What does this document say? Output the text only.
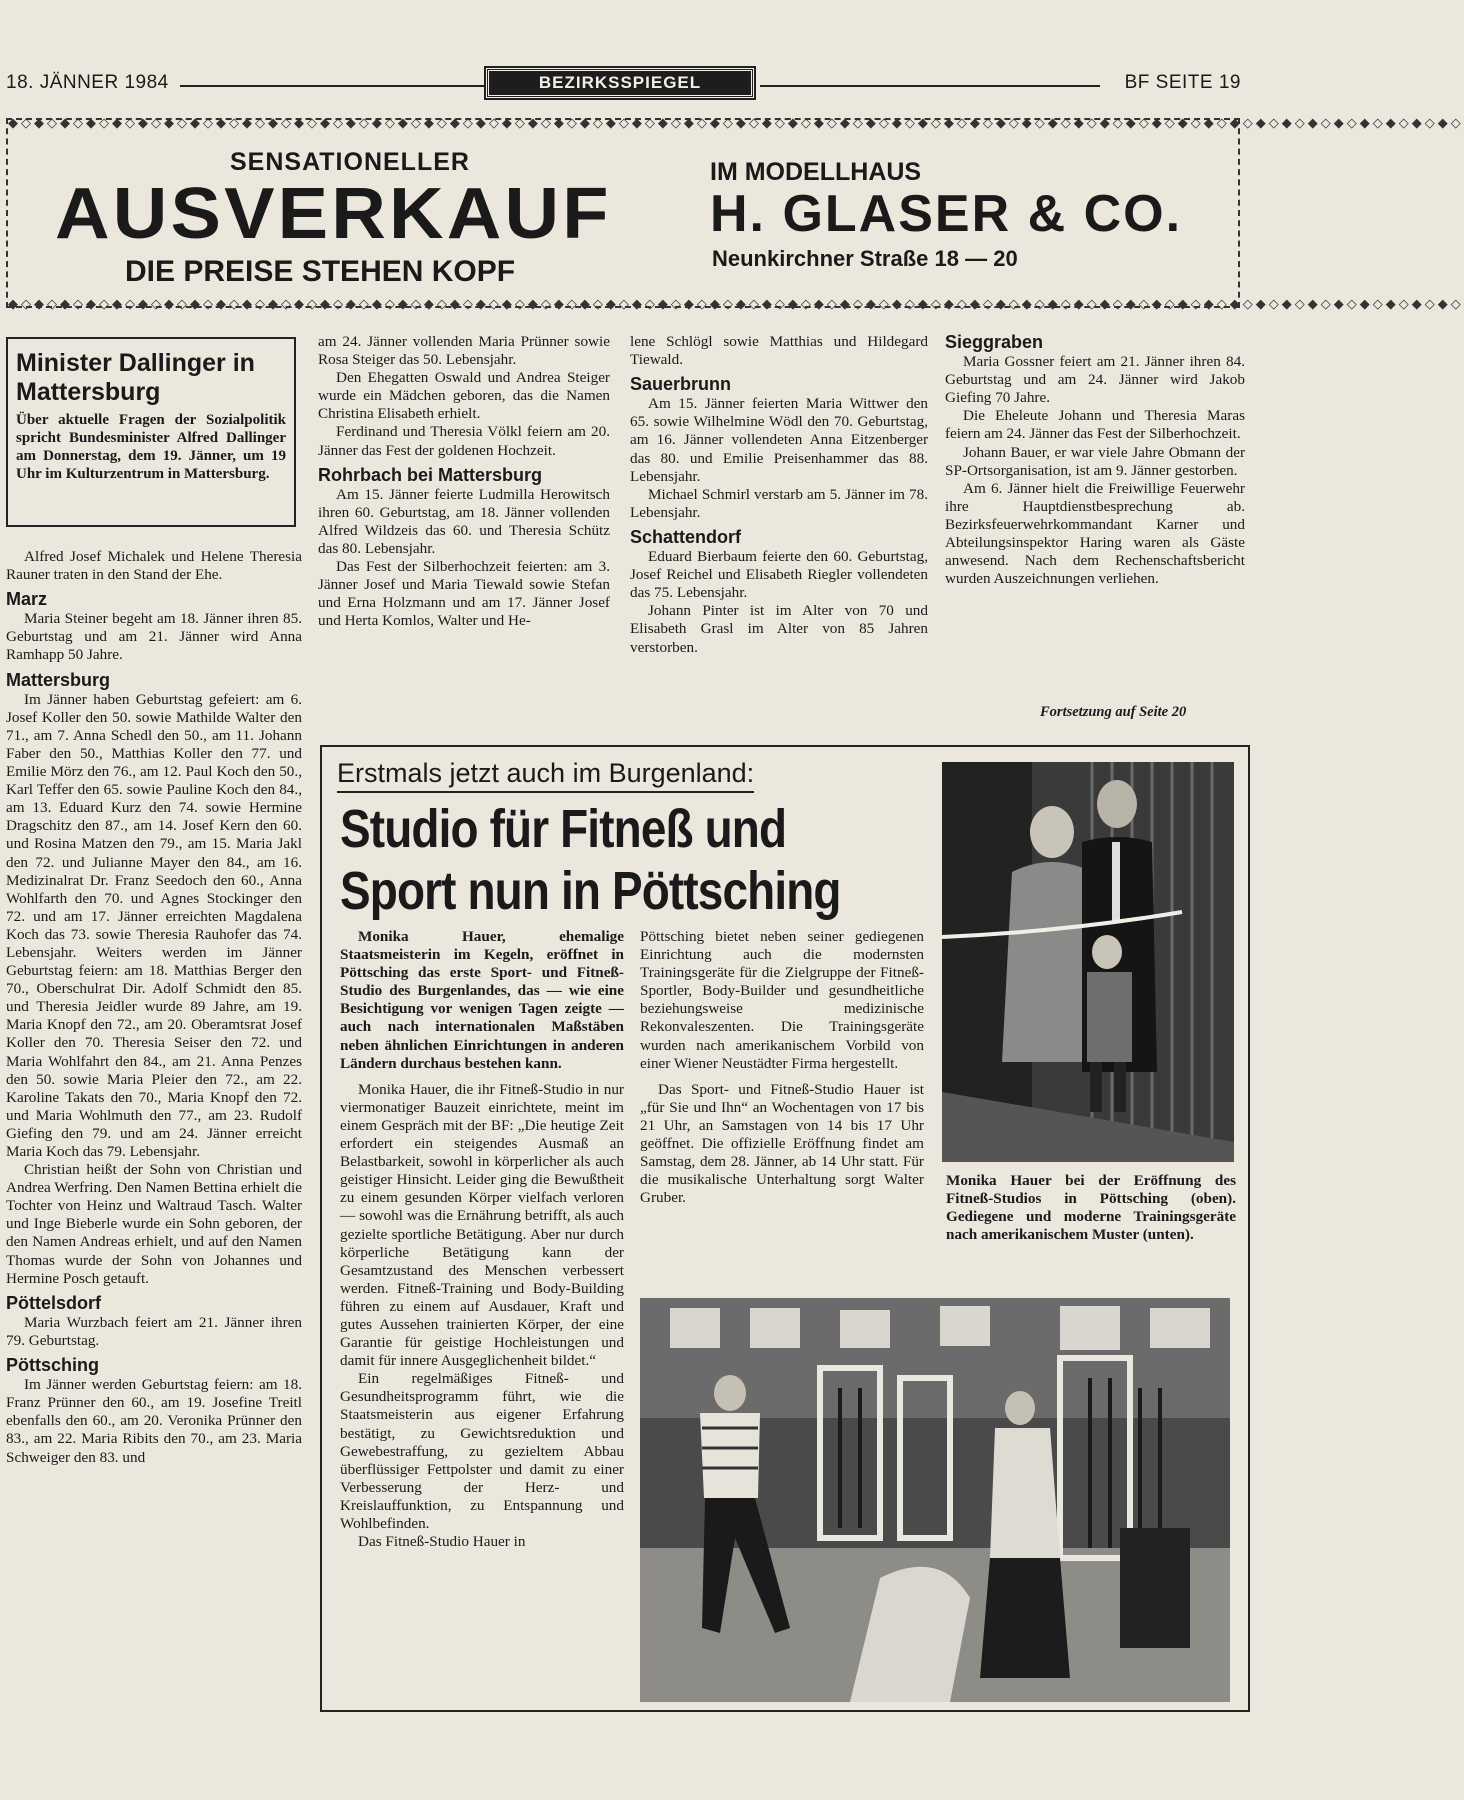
18. JÄNNER 1984	BEZIRKSSPIEGEL	BF SEITE 19
◆◇◆◇◆◇◆◇◆◇◆◇◆◇◆◇◆◇◆◇◆◇◆◇◆◇◆◇◆◇◆◇◆◇◆◇◆◇◆◇◆◇◆◇◆◇◆◇◆◇◆◇◆◇◆◇◆◇◆◇◆◇◆◇◆◇◆◇◆◇◆◇◆◇◆◇◆◇◆◇◆◇◆◇◆◇◆◇◆◇◆◇◆◇◆◇◆◇◆◇◆◇◆◇◆◇◆◇◆◇◆◇
◆◇◆◇◆◇◆◇◆◇◆◇◆◇◆◇◆◇◆◇◆◇◆◇◆◇◆◇◆◇◆◇◆◇◆◇◆◇◆◇◆◇◆◇◆◇◆◇◆◇◆◇◆◇◆◇◆◇◆◇◆◇◆◇◆◇◆◇◆◇◆◇◆◇◆◇◆◇◆◇◆◇◆◇◆◇◆◇◆◇◆◇◆◇◆◇◆◇◆◇◆◇◆◇◆◇◆◇◆◇◆◇
SENSATIONELLER
AUSVERKAUF
DIE PREISE STEHEN KOPF
IM MODELLHAUS
H. GLASER & CO.
Neunkirchner Straße 18 — 20
Minister Dallinger in Mattersburg
Über aktuelle Fragen der Sozialpolitik spricht Bundesminister Alfred Dallinger am Donnerstag, dem 19. Jänner, um 19 Uhr im Kulturzentrum in Mattersburg.

Alfred Josef Michalek und Helene Theresia Rauner traten in den Stand der Ehe.

Marz

Maria Steiner begeht am 18. Jänner ihren 85. Geburtstag und am 21. Jänner wird Anna Ramhapp 50 Jahre.

Mattersburg

Im Jänner haben Geburtstag gefeiert: am 6. Josef Koller den 50. sowie Mathilde Walter den 71., am 7. Anna Schedl den 50., am 11. Johann Faber den 50., Matthias Koller den 77. und Emilie Mörz den 76., am 12. Paul Koch den 50., Karl Teffer den 65. sowie Pauline Koch den 84., am 13. Eduard Kurz den 74. sowie Hermine Dragschitz den 87., am 14. Josef Kern den 60. und Rosina Matzen den 79., am 15. Maria Jakl den 72. und Julianne Mayer den 84., am 16. Medizinalrat Dr. Franz Seedoch den 60., Anna Wohlfarth den 70. und Agnes Stockinger den 72. und am 17. Jänner erreichten Magdalena Koch das 73. sowie Theresia Rauhofer das 74. Lebensjahr. Weiters werden im Jänner Geburtstag feiern: am 18. Matthias Berger den 70., Oberschulrat Dir. Adolf Schmidt den 85. und Theresia Jeidler wurde 89 Jahre, am 19. Maria Knopf den 72., am 20. Oberamtsrat Josef Koller den 70. Theresia Seiser den 72. und Maria Wohlfahrt den 84., am 21. Anna Penzes den 50. sowie Maria Pleier den 72., am 22. Karoline Takats den 70., Maria Knopf den 72. und Maria Wohlmuth den 77., am 23. Rudolf Giefing den 79. und am 24. Jänner erreicht Maria Koch das 79. Lebensjahr.

Christian heißt der Sohn von Christian und Andrea Werfring. Den Namen Bettina erhielt die Tochter von Heinz und Waltraud Tasch. Walter und Inge Bieberle wurde ein Sohn geboren, der den Namen Andreas erhielt, und auf den Namen Thomas wurde der Sohn von Johannes und Hermine Posch getauft.

Pöttelsdorf

Maria Wurzbach feiert am 21. Jänner ihren 79. Geburtstag.

Pöttsching

Im Jänner werden Geburtstag feiern: am 18. Franz Prünner den 60., am 19. Josefine Treitl ebenfalls den 60., am 20. Veronika Prünner den 83., am 22. Maria Ribits den 70., am 23. Maria Schweiger den 83. und

am 24. Jänner vollenden Maria Prünner sowie Rosa Steiger das 50. Lebensjahr.

Den Ehegatten Oswald und Andrea Steiger wurde ein Mädchen geboren, das die Namen Christina Elisabeth erhielt.

Ferdinand und Theresia Völkl feiern am 20. Jänner das Fest der goldenen Hochzeit.

Rohrbach bei Mattersburg

Am 15. Jänner feierte Ludmilla Herowitsch ihren 60. Geburtstag, am 18. Jänner vollenden Alfred Wildzeis das 60. und Theresia Schütz das 80. Lebensjahr.

Das Fest der Silberhochzeit feierten: am 3. Jänner Josef und Maria Tiewald sowie Stefan und Erna Holzmann und am 17. Jänner Josef und Herta Komlos, Walter und He-

lene Schlögl sowie Matthias und Hildegard Tiewald.

Sauerbrunn

Am 15. Jänner feierten Maria Wittwer den 65. sowie Wilhelmine Wödl den 70. Geburtstag, am 16. Jänner vollendeten Anna Eitzenberger das 80. und Emilie Preisenhammer das 88. Lebensjahr.

Michael Schmirl verstarb am 5. Jänner im 78. Lebensjahr.

Schattendorf

Eduard Bierbaum feierte den 60. Geburtstag, Josef Reichel und Elisabeth Riegler vollendeten das 75. Lebensjahr.

Johann Pinter ist im Alter von 70 und Elisabeth Grasl im Alter von 85 Jahren verstorben.

Sieggraben

Maria Gossner feiert am 21. Jänner ihren 84. Geburtstag und am 24. Jänner wird Jakob Giefing 70 Jahre.

Die Eheleute Johann und Theresia Maras feiern am 24. Jänner das Fest der Silberhochzeit.

Johann Bauer, er war viele Jahre Obmann der SP-Ortsorganisation, ist am 9. Jänner gestorben.

Am 6. Jänner hielt die Freiwillige Feuerwehr ihre Hauptdienstbesprechung ab. Bezirksfeuerwehrkommandant Karner und Abteilungsinspektor Haring waren als Gäste anwesend. Nach dem Rechenschaftsbericht wurden Auszeichnungen verliehen.

Fortsetzung auf Seite 20
Erstmals jetzt auch im Burgenland:
Studio für Fitneß und Sport nun in Pöttsching

Monika Hauer,	ehemalige Staatsmeisterin im Kegeln, eröffnet in Pöttsching das erste Sport- und Fitneß-Studio des Burgenlandes, das — wie eine Besichtigung vor wenigen Tagen zeigte — auch nach internationalen Maßstäben neben ähnlichen Einrichtungen in anderen Ländern durchaus bestehen kann.

Monika Hauer, die ihr Fitneß-Studio in nur viermonatiger Bauzeit einrichtete, meint im einem Gespräch mit der BF: „Die heutige Zeit erfordert ein steigendes Ausmaß an Belastbarkeit, sowohl in körperlicher als auch geistiger Hinsicht. Leider ging die Bewußtheit zu einem gesunden Körper vielfach verloren — sowohl was die Ernährung betrifft, als auch gezielte sportliche Betätigung. Aber nur durch körperliche Betätigung kann der Gesamtzustand des Menschen verbessert werden. Fitneß-Training und Body-Building führen zu einem auf Ausdauer, Kraft und gutes Aussehen trainierten Körper, der eine Garantie für geistige Hochleistungen und damit für innere Ausgeglichenheit bildet.“

Ein regelmäßiges Fitneß- und Gesundheitsprogramm führt, wie die Staatsmeisterin aus eigener Erfahrung bestätigt, zu Gewichtsreduktion und Gewebestraffung, zu gezieltem Abbau überflüssiger Fettpolster und damit zu einer Verbesserung der Herz- und Kreislauffunktion, zu Entspannung und Wohlbefinden.

Das Fitneß-Studio Hauer in

Pöttsching bietet neben seiner gediegenen Einrichtung auch die modernsten Trainingsgeräte für die Zielgruppe der Fitneß-Sportler, Body-Builder und gesundheitliche beziehungsweise medizinische Rekonvaleszenten. Die Trainingsgeräte wurden nach amerikanischem Vorbild von einer Wiener Neustädter Firma hergestellt.

Das Sport- und Fitneß-Studio Hauer ist „für Sie und Ihn“ an Wochentagen von 17 bis 21 Uhr, an Samstagen von 14 bis 17 Uhr geöffnet. Die offizielle Eröffnung findet am Samstag, dem 28. Jänner, ab 14 Uhr statt. Für die musikalische Unterhaltung sorgt Walter Gruber.

Monika Hauer bei der Eröffnung des Fitneß-Studios in Pöttsching (oben). Gediegene und moderne Trainingsgeräte nach amerikanischem Muster (unten).
